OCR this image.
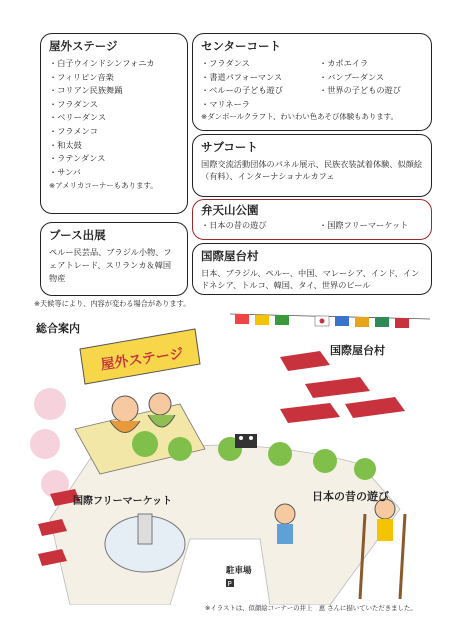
屋外ステージ
・白子ウインドシンフォニカ
・フィリピン音楽
・コリアン民族舞踊
・フラダンス
・ベリーダンス
・フラメンコ
・和太鼓
・ラテンダンス
・サンバ
※アメリカコーナーもあります。
センターコート
・フラダンス
・書道パフォーマンス
・ベルーの子ども遊び
・マリネーラ
・カポエイラ
・バンブーダンス
・世界の子どもの遊び
※ダンボールクラフト、わいわい色あそび体験もあります。
サブコート

国際交流活動団体のパネル展示、民族衣装試着体験、似顔絵（有料）、インターナショナルカフェ

弁天山公園
・日本の昔の遊び	・国際フリーマーケット
ブース出展

ペルー民芸品、ブラジル小物、フェアトレード、スリランカ＆韓国物産

国際屋台村

日本、ブラジル、ペルー、中国、マレーシア、インド、インドネシア、トルコ、韓国、タイ、世界のビール

※天候等により、内容が変わる場合があります。
屋外ステージ
P
総合案内
国際屋台村
国際フリーマーケット	日本の昔の遊び
駐車場
※イラストは、似顔絵コーナーの井上　恵 さんに描いていただきました。
